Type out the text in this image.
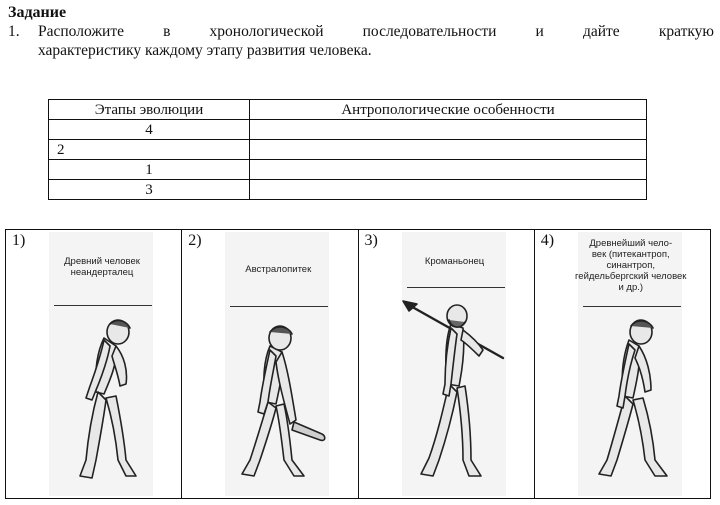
Задание
1. Расположите в хронологической последовательности и дайте краткую
характеристику каждому этапу развития человека.
Этапы эволюции	Антропологические особенности
4	
2	
1	
3	
1)
Древний человек неандерталец
2)
Австралопитек
3)
Кроманьонец
4)	Древнейший чело-
век (питекантроп, синантроп, гейдельбергский человек и др.)
